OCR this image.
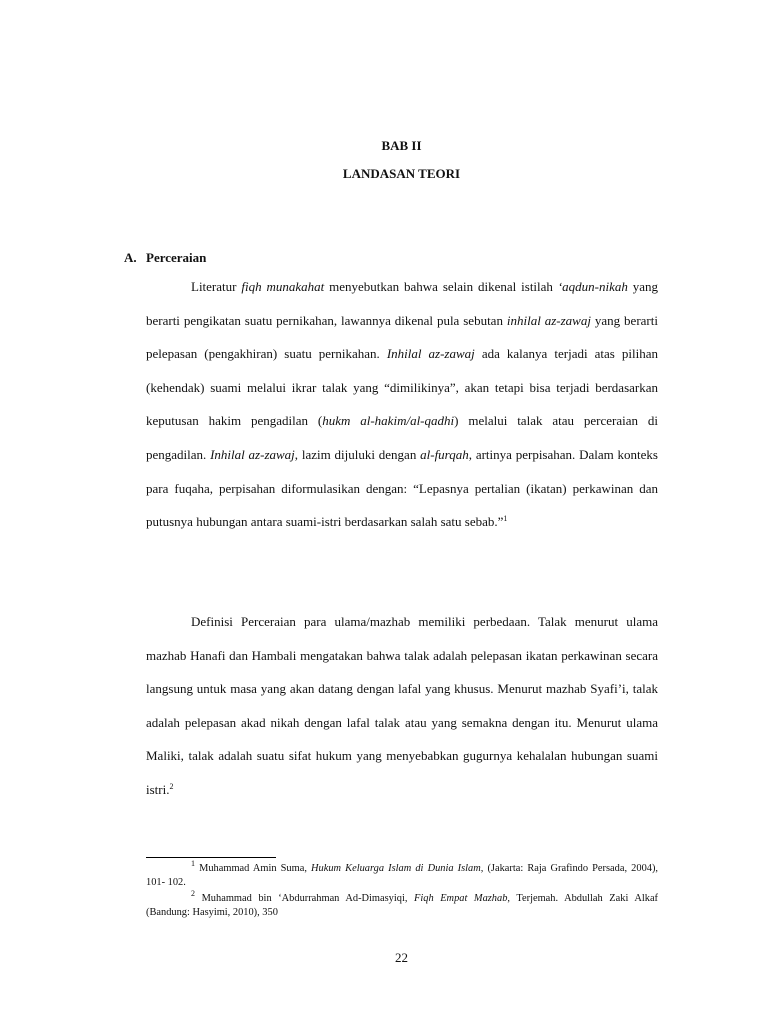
BAB II
LANDASAN TEORI
A. Perceraian

Literatur fiqh munakahat menyebutkan bahwa selain dikenal istilah ‘aqdun-nikah yang berarti pengikatan suatu pernikahan, lawannya dikenal pula sebutan inhilal az-zawaj yang berarti pelepasan (pengakhiran) suatu pernikahan. Inhilal az-zawaj ada kalanya terjadi atas pilihan (kehendak) suami melalui ikrar talak yang “dimilikinya”, akan tetapi bisa terjadi berdasarkan keputusan hakim pengadilan (hukm al-hakim/al-qadhi) melalui talak atau perceraian di pengadilan. Inhilal az-zawaj, lazim dijuluki dengan al-furqah, artinya perpisahan. Dalam konteks para fuqaha, perpisahan diformulasikan dengan: “Lepasnya pertalian (ikatan) perkawinan dan putusnya hubungan antara suami-istri berdasarkan salah satu sebab.”$^1$

Definisi Perceraian para ulama/mazhab memiliki perbedaan. Talak menurut ulama mazhab Hanafi dan Hambali mengatakan bahwa talak adalah pelepasan ikatan perkawinan secara langsung untuk masa yang akan datang dengan lafal yang khusus. Menurut mazhab Syafi’i, talak adalah pelepasan akad nikah dengan lafal talak atau yang semakna dengan itu. Menurut ulama Maliki, talak adalah suatu sifat hukum yang menyebabkan gugurnya kehalalan hubungan suami istri.$^2$

$^1$ Muhammad Amin Suma, Hukum Keluarga Islam di Dunia Islam, (Jakarta: Raja Grafindo Persada, 2004), 101- 102.

$^2$ Muhammad bin ‘Abdurrahman Ad-Dimasyiqi, Fiqh Empat Mazhab, Terjemah. Abdullah Zaki Alkaf (Bandung: Hasyimi, 2010), 350

22
